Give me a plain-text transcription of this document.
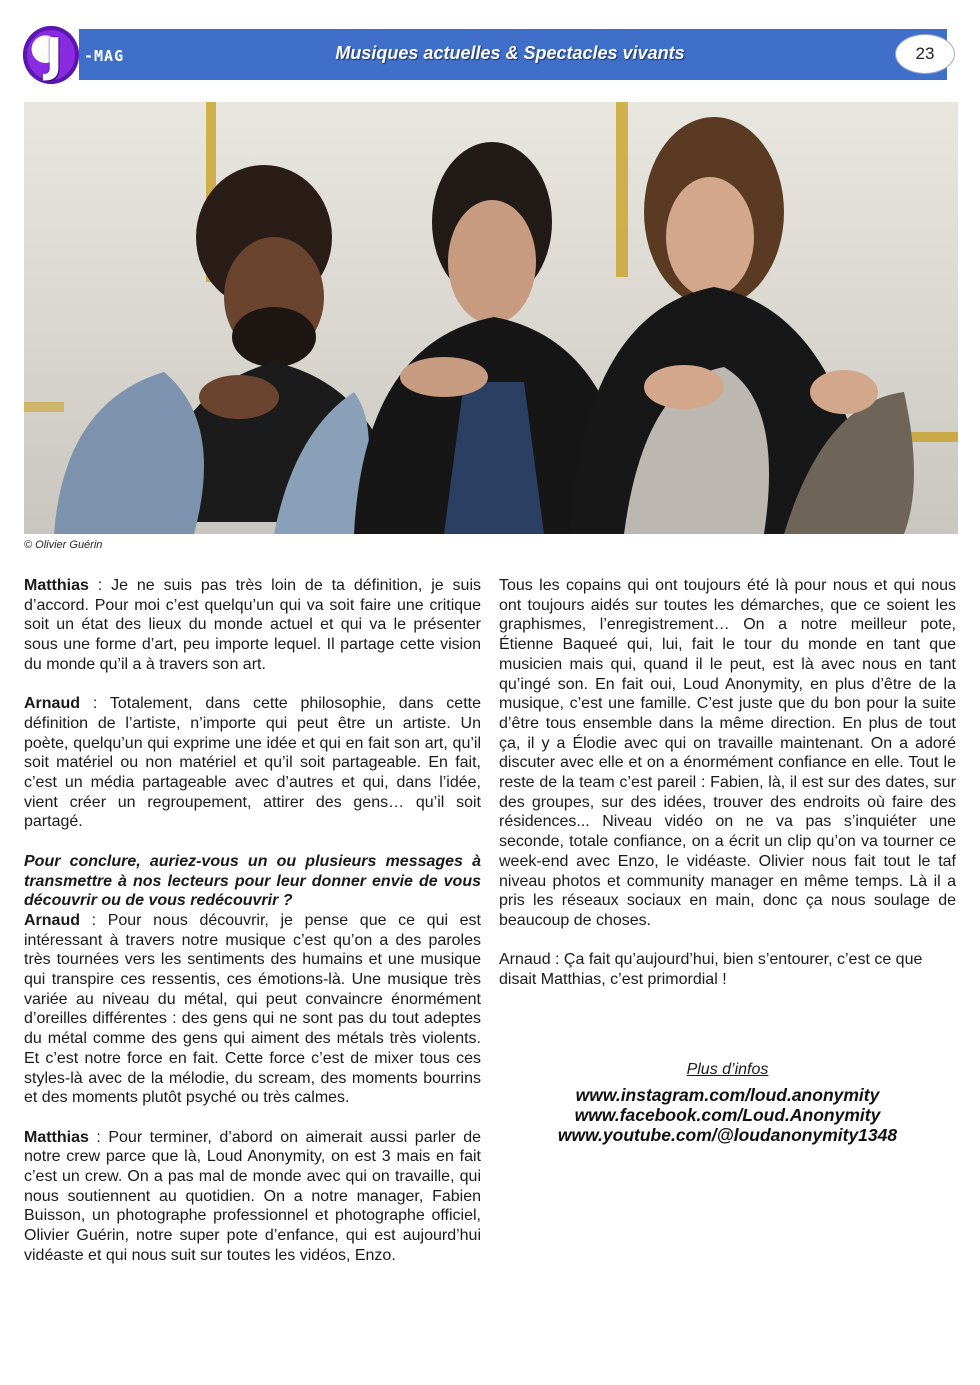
J	-MAG	Musiques actuelles & Spectacles vivants	23
© Olivier Guérin

Matthias : Je ne suis pas très loin de ta définition, je suis d’accord. Pour moi c’est quelqu’un qui va soit faire une critique soit un état des lieux du monde actuel et qui va le présenter sous une forme d’art, peu importe lequel. Il partage cette vision du monde qu’il a à travers son art.

Arnaud : Totalement, dans cette philosophie, dans cette définition de l’artiste, n’importe qui peut être un artiste. Un poète, quelqu’un qui exprime une idée et qui en fait son art, qu’il soit matériel ou non matériel et qu’il soit partageable. En fait, c’est un média partageable avec d’autres et qui, dans l’idée, vient créer un regroupement, attirer des gens… qu’il soit partagé.

Pour conclure, auriez-vous un ou plusieurs messages à transmettre à nos lecteurs pour leur donner envie de vous découvrir ou de vous redécouvrir ?

Arnaud : Pour nous découvrir, je pense que ce qui est intéressant à travers notre musique c’est qu’on a des paroles très tournées vers les sentiments des humains et une musique qui transpire ces ressentis, ces émotions-là. Une musique très variée au niveau du métal, qui peut convaincre énormément d’oreilles différentes : des gens qui ne sont pas du tout adeptes du métal comme des gens qui aiment des métals très violents. Et c’est notre force en fait. Cette force c’est de mixer tous ces styles-là avec de la mélodie, du scream, des moments bourrins et des moments plutôt psyché ou très calmes.

Matthias : Pour terminer, d’abord on aimerait aussi parler de notre crew parce que là, Loud Anonymity, on est 3 mais en fait c’est un crew. On a pas mal de monde avec qui on travaille, qui nous soutiennent au quotidien. On a notre manager, Fabien Buisson, un photographe professionnel et photographe officiel, Olivier Guérin, notre super pote d’enfance, qui est aujourd’hui vidéaste et qui nous suit sur toutes les vidéos, Enzo.

Tous les copains qui ont toujours été là pour nous et qui nous ont toujours aidés sur toutes les démarches, que ce soient les graphismes, l’enregistrement… On a notre meilleur pote, Étienne Baqueé qui, lui, fait le tour du monde en tant que musicien mais qui, quand il le peut, est là avec nous en tant qu’ingé son. En fait oui, Loud Anonymity, en plus d’être de la musique, c’est une famille. C’est juste que du bon pour la suite d’être tous ensemble dans la même direction. En plus de tout ça, il y a Élodie avec qui on travaille maintenant. On a adoré discuter avec elle et on a énormément confiance en elle. Tout le reste de la team c’est pareil : Fabien, là, il est sur des dates, sur des groupes, sur des idées, trouver des endroits où faire des résidences... Niveau vidéo on ne va pas s’inquiéter une seconde, totale confiance, on a écrit un clip qu’on va tourner ce week-end avec Enzo, le vidéaste. Olivier nous fait tout le taf niveau photos et community manager en même temps. Là il a pris les réseaux sociaux en main, donc ça nous soulage de beaucoup de choses.

Arnaud : Ça fait qu’aujourd’hui, bien s’entourer, c’est ce que disait Matthias, c’est primordial !

Plus d’infos
www.instagram.com/loud.anonymity
www.facebook.com/Loud.Anonymity
www.youtube.com/@loudanonymity1348
